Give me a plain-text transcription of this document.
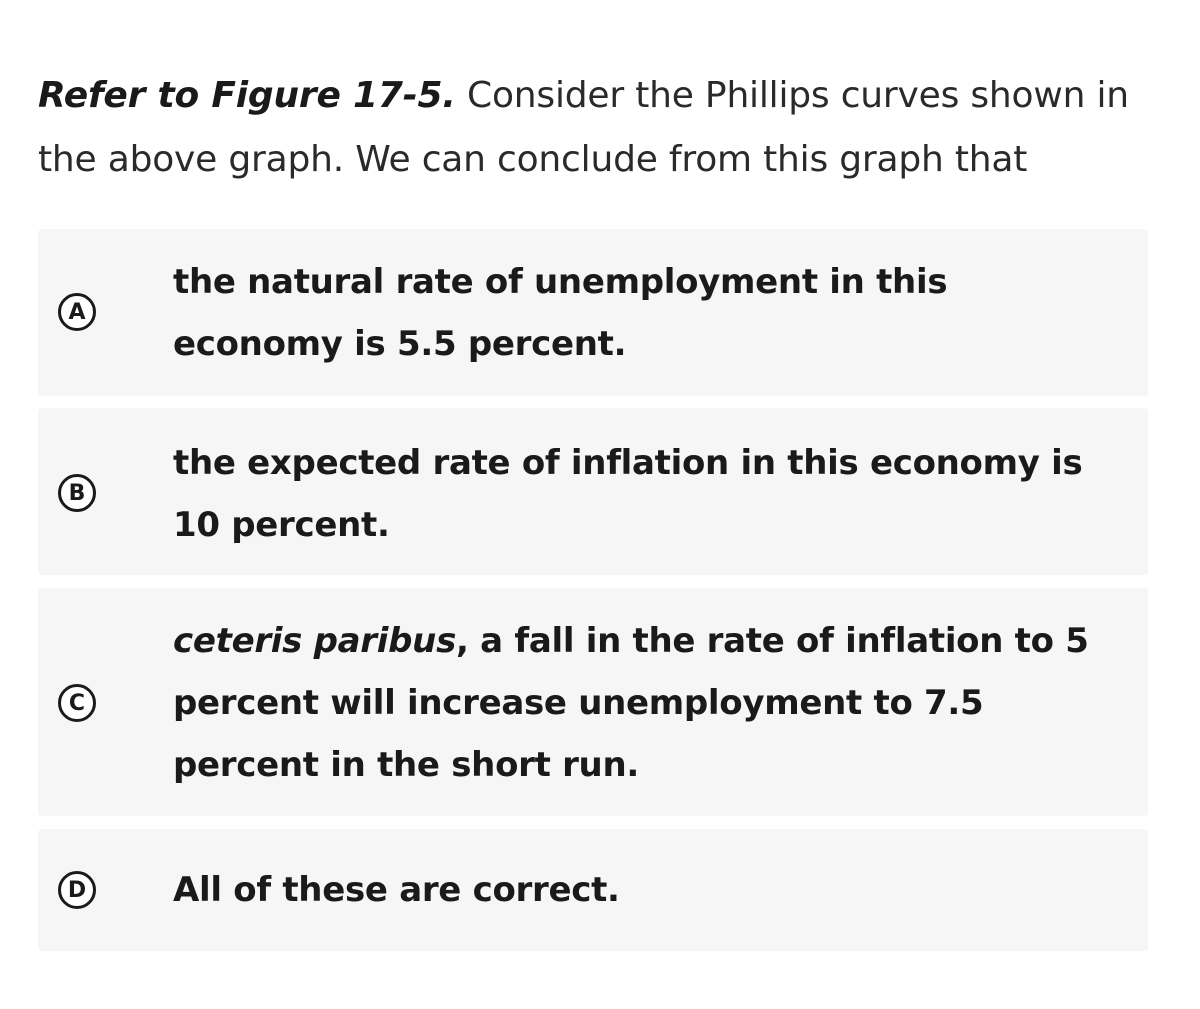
Refer to Figure 17-5. Consider the Phillips curves shown in the above graph. We can conclude from this graph that
A
the natural rate of unemployment in this economy is 5.5 percent.
B
the expected rate of inflation in this economy is 10 percent.
C
ceteris paribus, a fall in the rate of inflation to 5 percent will increase unemployment to 7.5 percent in the short run.
D	All of these are correct.
